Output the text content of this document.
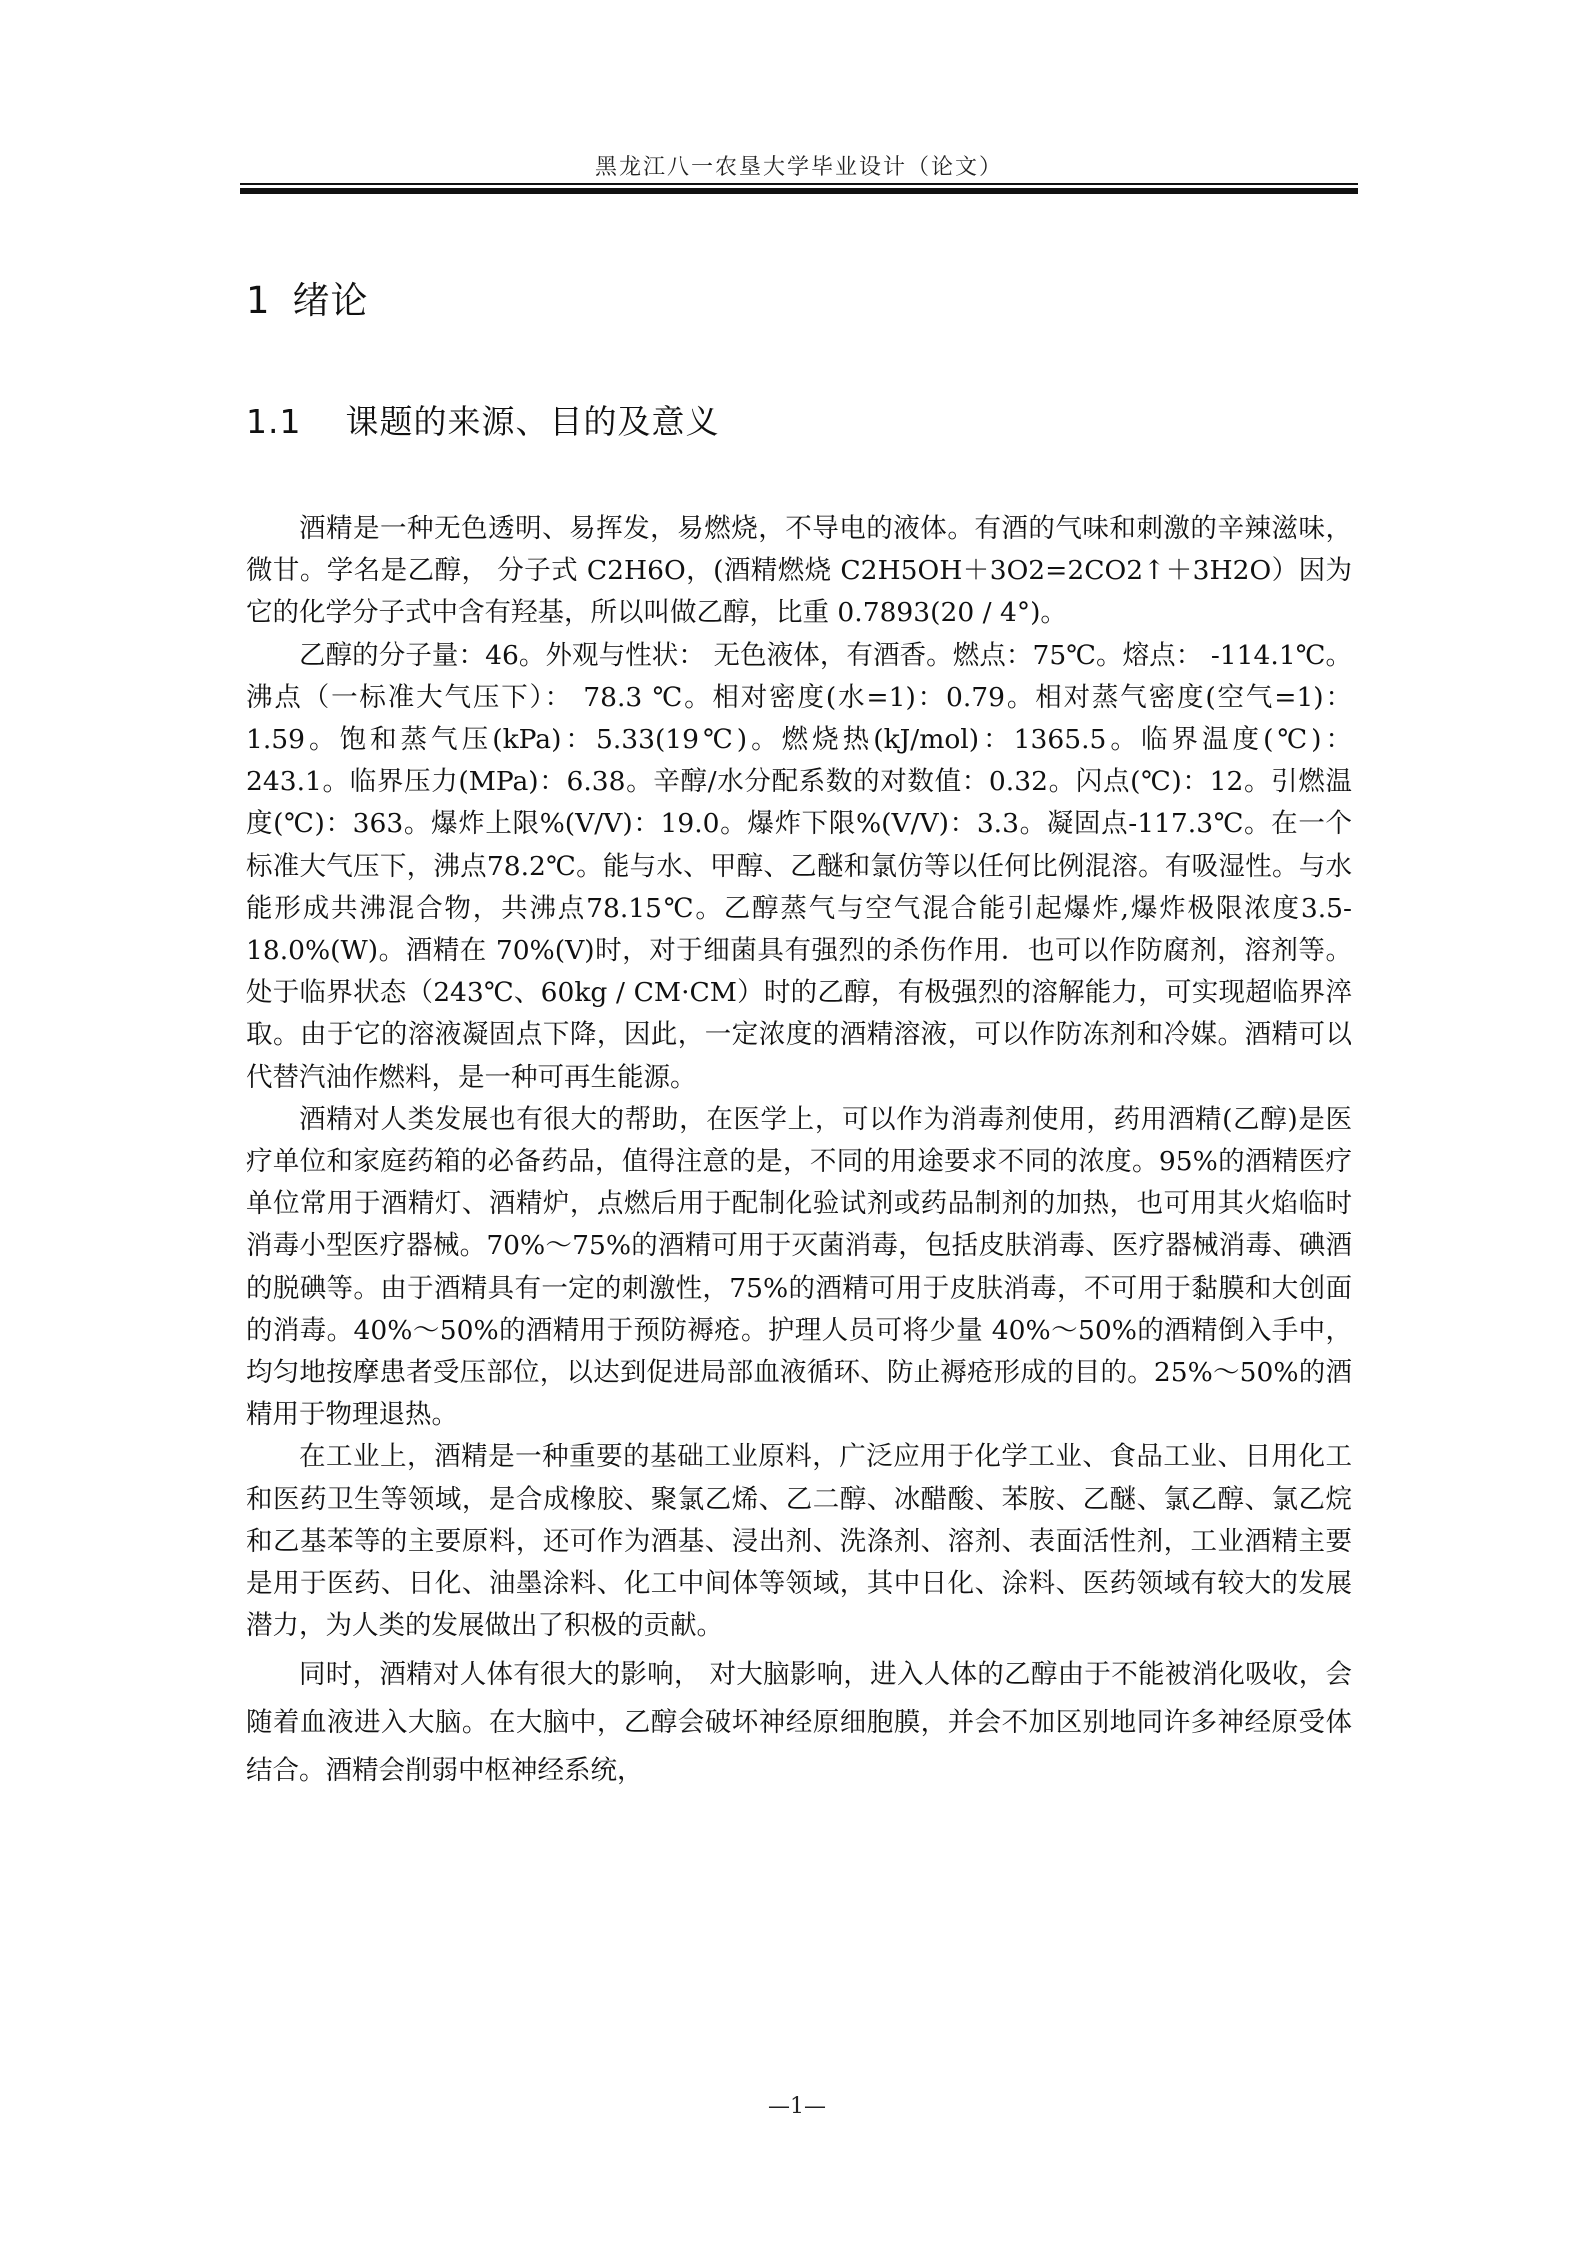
黑龙江八一农垦大学毕业设计（论文）
1 绪论
1.1 课题的来源、目的及意义

酒精是一种无色透明、易挥发，易燃烧，不导电的液体。有酒的气味和刺激的辛辣滋味，微甘。学名是乙醇， 分子式 C2H6O，(酒精燃烧 C2H5OH＋3O2=2CO2↑＋3H2O）因为它的化学分子式中含有羟基，所以叫做乙醇，比重 0.7893(20 / 4°)。

乙醇的分子量：46。外观与性状： 无色液体，有酒香。燃点：75℃。熔点： -114.1℃。沸点（一标准大气压下）： 78.3 ℃。相对密度(水=1)：0.79。相对蒸气密度(空气=1)：1.59。饱和蒸气压(kPa)：5.33(19℃)。燃烧热(kJ/mol)：1365.5。临界温度(℃)： 243.1。临界压力(MPa)：6.38。辛醇/水分配系数的对数值：0.32。闪点(℃)：12。引燃温度(℃)：363。爆炸上限%(V/V)：19.0。爆炸下限%(V/V)：3.3。凝固点-117.3℃。在一个标准大气压下，沸点78.2℃。能与水、甲醇、乙醚和氯仿等以任何比例混溶。有吸湿性。与水能形成共沸混合物，共沸点78.15℃。乙醇蒸气与空气混合能引起爆炸,爆炸极限浓度3.5-18.0%(W)。酒精在 70%(V)时，对于细菌具有强烈的杀伤作用．也可以作防腐剂，溶剂等。处于临界状态（243℃、60kg / CM·CM）时的乙醇，有极强烈的溶解能力，可实现超临界淬取。由于它的溶液凝固点下降，因此，一定浓度的酒精溶液，可以作防冻剂和冷媒。酒精可以代替汽油作燃料，是一种可再生能源。

酒精对人类发展也有很大的帮助，在医学上，可以作为消毒剂使用，药用酒精(乙醇)是医疗单位和家庭药箱的必备药品，值得注意的是，不同的用途要求不同的浓度。95%的酒精医疗单位常用于酒精灯、酒精炉，点燃后用于配制化验试剂或药品制剂的加热，也可用其火焰临时消毒小型医疗器械。70%～75%的酒精可用于灭菌消毒，包括皮肤消毒、医疗器械消毒、碘酒的脱碘等。由于酒精具有一定的刺激性，75%的酒精可用于皮肤消毒，不可用于黏膜和大创面的消毒。40%～50%的酒精用于预防褥疮。护理人员可将少量 40%～50%的酒精倒入手中，均匀地按摩患者受压部位，以达到促进局部血液循环、防止褥疮形成的目的。25%～50%的酒精用于物理退热。

在工业上，酒精是一种重要的基础工业原料，广泛应用于化学工业、食品工业、日用化工和医药卫生等领域，是合成橡胶、聚氯乙烯、乙二醇、冰醋酸、苯胺、乙醚、氯乙醇、氯乙烷和乙基苯等的主要原料，还可作为酒基、浸出剂、洗涤剂、溶剂、表面活性剂，工业酒精主要是用于医药、日化、油墨涂料、化工中间体等领域，其中日化、涂料、医药领域有较大的发展潜力，为人类的发展做出了积极的贡献。

同时，酒精对人体有很大的影响， 对大脑影响，进入人体的乙醇由于不能被消化吸收，会随着血液进入大脑。在大脑中，乙醇会破坏神经原细胞膜，并会不加区别地同许多神经原受体结合。酒精会削弱中枢神经系统，

—1—
